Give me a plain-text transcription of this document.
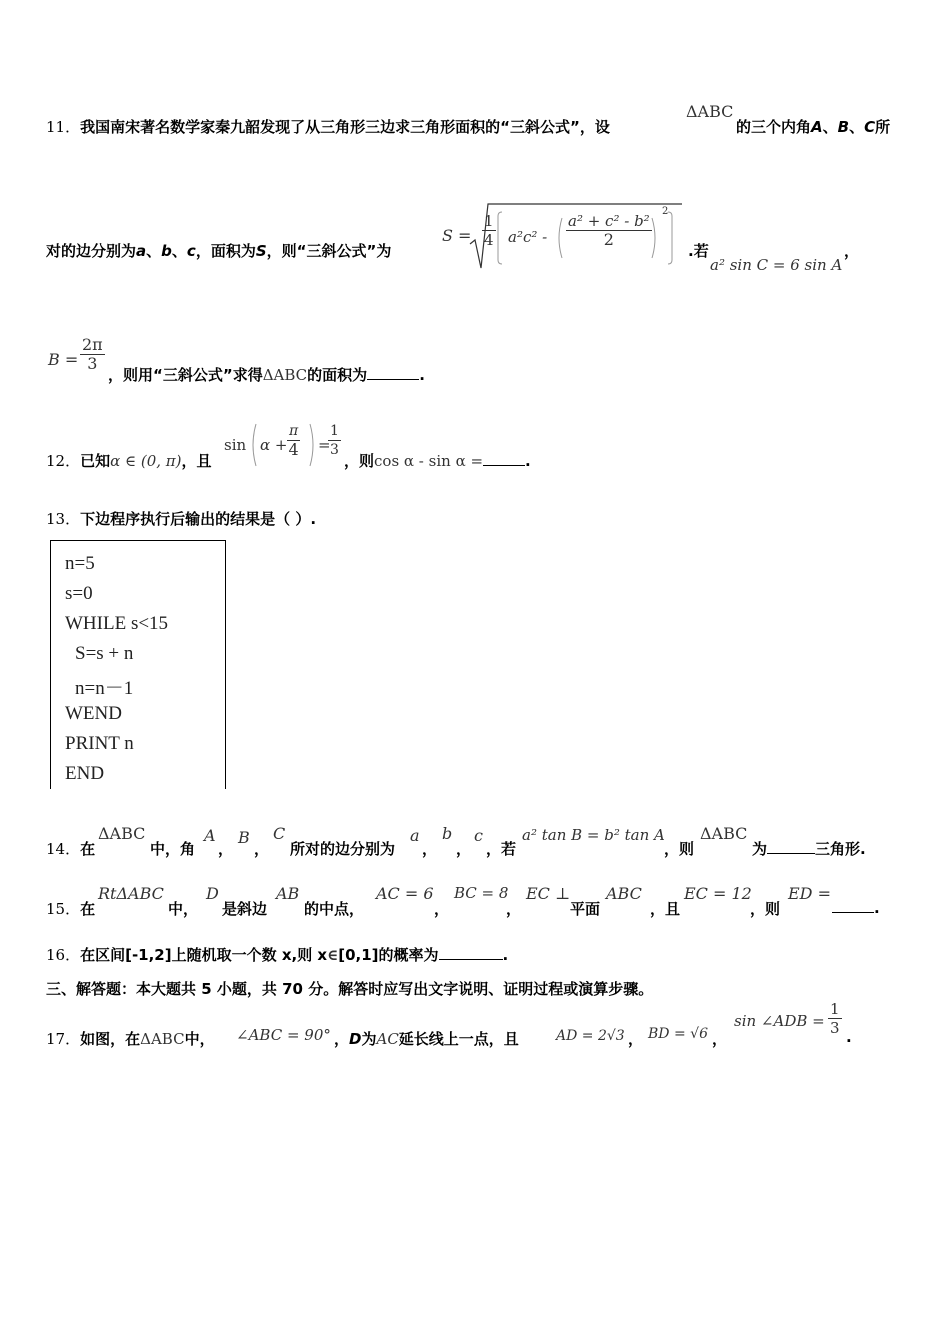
11．我国南宋著名数学家秦九韶发现了从三角形三边求三角形面积的“三斜公式”，设
ΔABC
的三个内角A、B、C所
对的边分别为a、b、c，面积为S，则“三斜公式”为
$S = \frac{1}{4} a^2c^2 - \frac{\text{a² + c² - b²}}{2}$
2
.若
a² sin C = 6 sin A
，
$B = \frac{2\pi}{3}$
，则用“三斜公式”求得ΔABC的面积为	.
12．已知α ∈ (0, π)，且
$\sin \alpha + \frac{\pi}{4}$ =
$\frac{1}{3}$
，则cos α - sin α =	.
13．下边程序执行后输出的结果是（ ）.
n=5
s=0
WHILE s<15
S=s + n
n=n－1
WEND
PRINT n
END
14．在
ΔABC
中，角
A
，
B
，
C
所对的边分别为
a
，
b
，
c
，若
a² tan B = b² tan A
，则
ΔABC
为	三角形.
15．在
RtΔABC
中，
D
是斜边
AB
的中点，
AC = 6
，
BC = 8
，
EC ⊥
平面
ABC
，且
EC = 12
，则
ED =
.
16．在区间[-1,2]上随机取一个数 x,则 x∈[0,1]的概率为	.
三、解答题：本大题共 5 小题，共 70 分。解答时应写出文字说明、证明过程或演算步骤。
17．如图，在ΔABC中， ∠ABC = 90° ，D为AC延长线上一点，且	AD = 2√3 ， BD = √6 ，
sin ∠ADB = $\frac{1}{3}$ .
